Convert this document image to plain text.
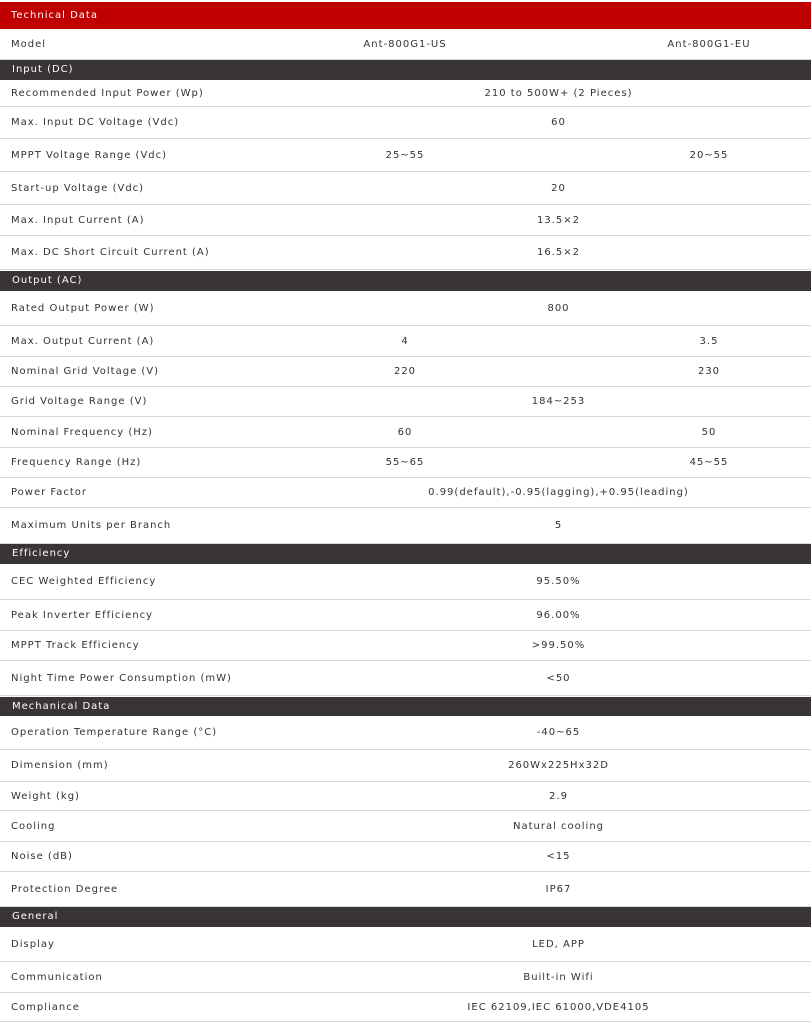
Technical Data
Model	Ant-800G1-US	Ant-800G1-EU
Input (DC)
Recommended Input Power (Wp)	210 to 500W+ (2 Pieces)
Max. Input DC Voltage (Vdc)	60
MPPT Voltage Range (Vdc)	25~55	20~55
Start-up Voltage (Vdc)	20
Max. Input Current (A)	13.5×2
Max. DC Short Circuit Current (A)	16.5×2
Output (AC)
Rated Output Power (W)	800
Max. Output Current (A)	4	3.5
Nominal Grid Voltage (V)	220	230
Grid Voltage Range (V)	184~253
Nominal Frequency (Hz)	60	50
Frequency Range (Hz)	55~65	45~55
Power Factor	0.99(default),-0.95(lagging),+0.95(leading)
Maximum Units per Branch	5
Efficiency
CEC Weighted Efficiency	95.50%
Peak Inverter Efficiency	96.00%
MPPT Track Efficiency	>99.50%
Night Time Power Consumption (mW)	<50
Mechanical Data
Operation Temperature Range (°C)	-40~65
Dimension (mm)	260Wx225Hx32D
Weight (kg)	2.9
Cooling	Natural cooling
Noise (dB)	<15
Protection Degree	IP67
General
Display	LED, APP
Communication	Built-in Wifi
Compliance	IEC 62109,IEC 61000,VDE4105
